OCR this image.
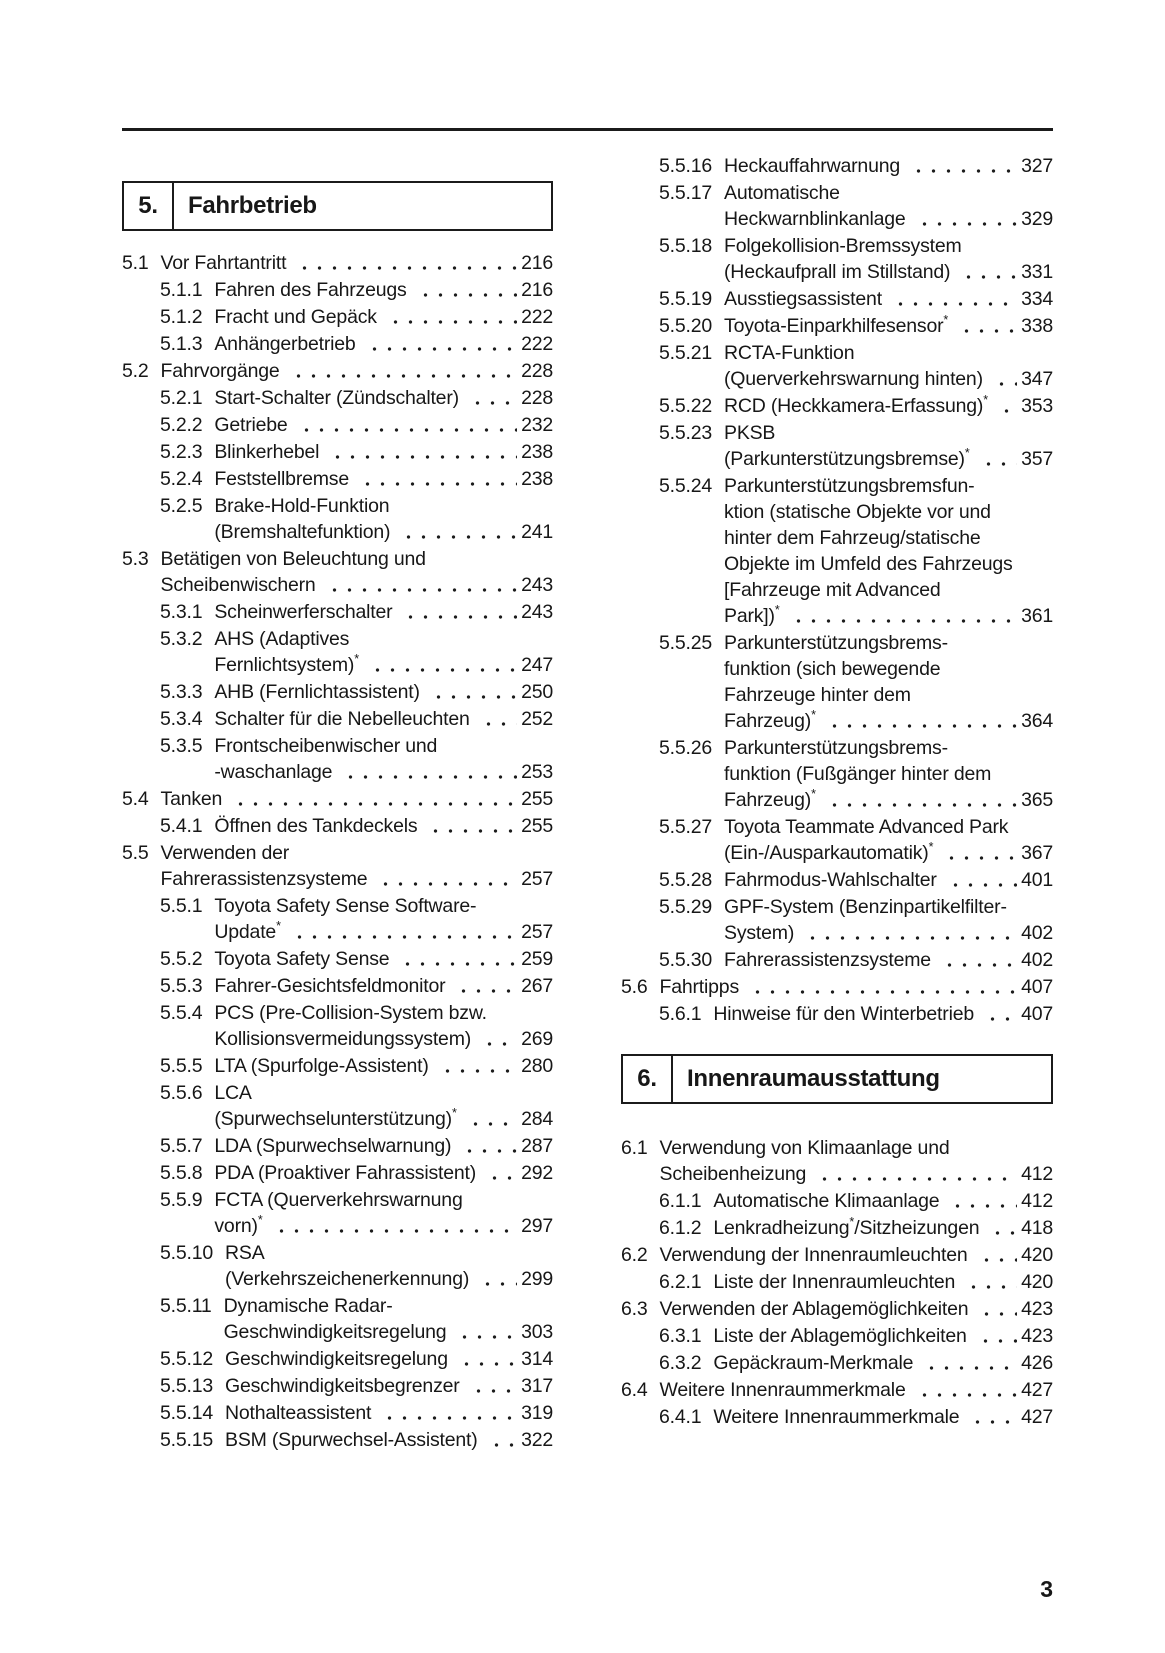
5.	Fahrbetrieb
5.1 Vor Fahrtantritt	216
5.1.1 Fahren des Fahrzeugs	216
5.1.2 Fracht und Gepäck	222
5.1.3 Anhängerbetrieb	222
5.2 Fahrvorgänge	228
5.2.1 Start-Schalter (Zündschalter)	228
5.2.2 Getriebe	232
5.2.3 Blinkerhebel	238
5.2.4 Feststellbremse	238
5.2.5 Brake-Hold-Funktion
(Bremshaltefunktion)	241
5.3 Betätigen von Beleuchtung und
Scheibenwischern	243
5.3.1 Scheinwerferschalter	243
5.3.2 AHS (Adaptives
Fernlichtsystem)*	247
5.3.3 AHB (Fernlichtassistent)	250
5.3.4 Schalter für die Nebelleuchten	252
5.3.5 Frontscheibenwischer und
-waschanlage	253
5.4 Tanken	255
5.4.1 Öffnen des Tankdeckels	255
5.5 Verwenden der
Fahrerassistenzsysteme	257
5.5.1 Toyota Safety Sense Software-
Update*	257
5.5.2 Toyota Safety Sense	259
5.5.3 Fahrer-Gesichtsfeldmonitor	267
5.5.4 PCS (Pre-Collision-System bzw.
Kollisionsvermeidungssystem)	269
5.5.5 LTA (Spurfolge-Assistent)	280
5.5.6 LCA
(Spurwechselunterstützung)*	284
5.5.7 LDA (Spurwechselwarnung)	287
5.5.8 PDA (Proaktiver Fahrassistent) 292
5.5.9 FCTA (Querverkehrswarnung
vorn)*	297
5.5.10 RSA
(Verkehrszeichenerkennung)	299
5.5.11 Dynamische Radar-
Geschwindigkeitsregelung	303
5.5.12 Geschwindigkeitsregelung	314
5.5.13 Geschwindigkeitsbegrenzer	317
5.5.14 Nothalteassistent	319
5.5.15 BSM (Spurwechsel-Assistent) 322
5.5.16 Heckauffahrwarnung	327
5.5.17 Automatische
Heckwarnblinkanlage	329
5.5.18 Folgekollision-Bremssystem
(Heckaufprall im Stillstand)	331
5.5.19 Ausstiegsassistent	334
5.5.20 Toyota-Einparkhilfesensor*	338
5.5.21 RCTA-Funktion
(Querverkehrswarnung hinten) 347
5.5.22 RCD (Heckkamera-Erfassung)* 353
5.5.23 PKSB
(Parkunterstützungsbremse)*	357
5.5.24 Parkunterstützungsbremsfun-
ktion (statische Objekte vor und
hinter dem Fahrzeug/statische
Objekte im Umfeld des Fahrzeugs
[Fahrzeuge mit Advanced
Park])*	361
5.5.25 Parkunterstützungsbrems-
funktion (sich bewegende
Fahrzeuge hinter dem
Fahrzeug)*	364
5.5.26 Parkunterstützungsbrems-
funktion (Fußgänger hinter dem
Fahrzeug)*	365
5.5.27 Toyota Teammate Advanced Park
(Ein-/Ausparkautomatik)*	367
5.5.28 Fahrmodus-Wahlschalter	401
5.5.29 GPF-System (Benzinpartikelfilter-
System)	402
5.5.30 Fahrerassistenzsysteme	402
5.6 Fahrtipps	407
5.6.1 Hinweise für den Winterbetrieb 407
6.	Innenraumausstattung
6.1 Verwendung von Klimaanlage und
Scheibenheizung	412
6.1.1 Automatische Klimaanlage	412
6.1.2 Lenkradheizung*/Sitzheizungen 418
6.2 Verwendung der Innenraumleuchten	420
6.2.1 Liste der Innenraumleuchten	420
6.3 Verwenden der Ablagemöglichkeiten	423
6.3.1 Liste der Ablagemöglichkeiten	423
6.3.2 Gepäckraum-Merkmale	426
6.4 Weitere Innenraummerkmale	427
6.4.1 Weitere Innenraummerkmale	427
3
